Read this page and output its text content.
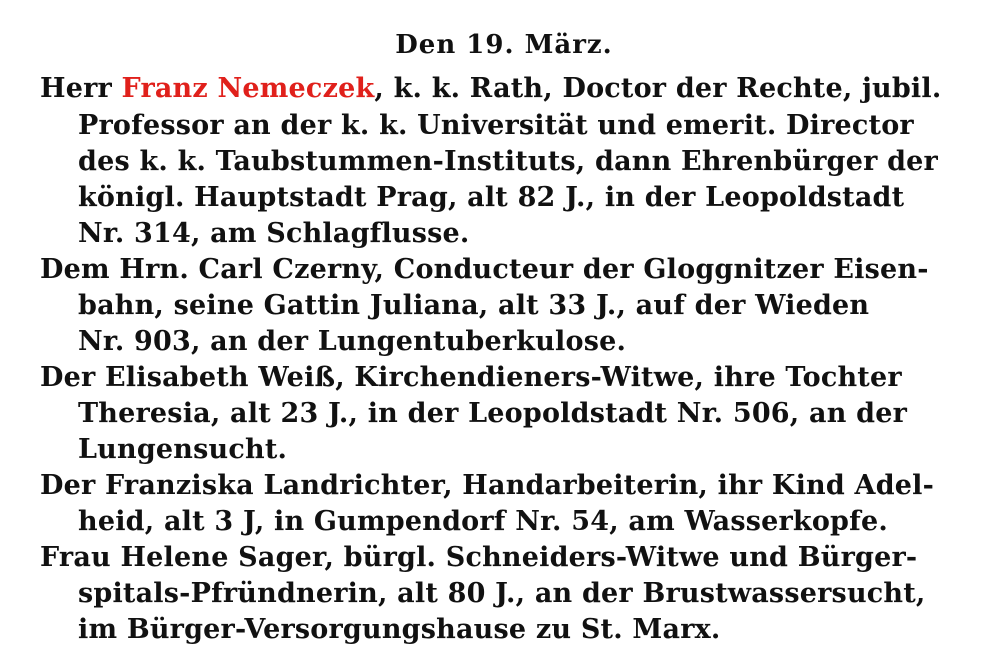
Den 19. März.
Herr Franz Nemeczek, k. k. Rath, Doctor der Rechte, jubil.
Professor an der k. k. Universität und emerit. Director
des k. k. Taubstummen-Instituts, dann Ehrenbürger der
königl. Hauptstadt Prag, alt 82 J., in der Leopoldstadt
Nr. 314, am Schlagflusse.
Dem Hrn. Carl Czerny, Conducteur der Gloggnitzer Eisen-
bahn, seine Gattin Juliana, alt 33 J., auf der Wieden
Nr. 903, an der Lungentuberkulose.
Der Elisabeth Weiß, Kirchendieners-Witwe, ihre Tochter
Theresia, alt 23 J., in der Leopoldstadt Nr. 506, an der
Lungensucht.
Der Franziska Landrichter, Handarbeiterin, ihr Kind Adel-
heid, alt 3 J, in Gumpendorf Nr. 54, am Wasserkopfe.
Frau Helene Sager, bürgl. Schneiders-Witwe und Bürger-
spitals-Pfründnerin, alt 80 J., an der Brustwassersucht,
im Bürger-Versorgungshause zu St. Marx.
